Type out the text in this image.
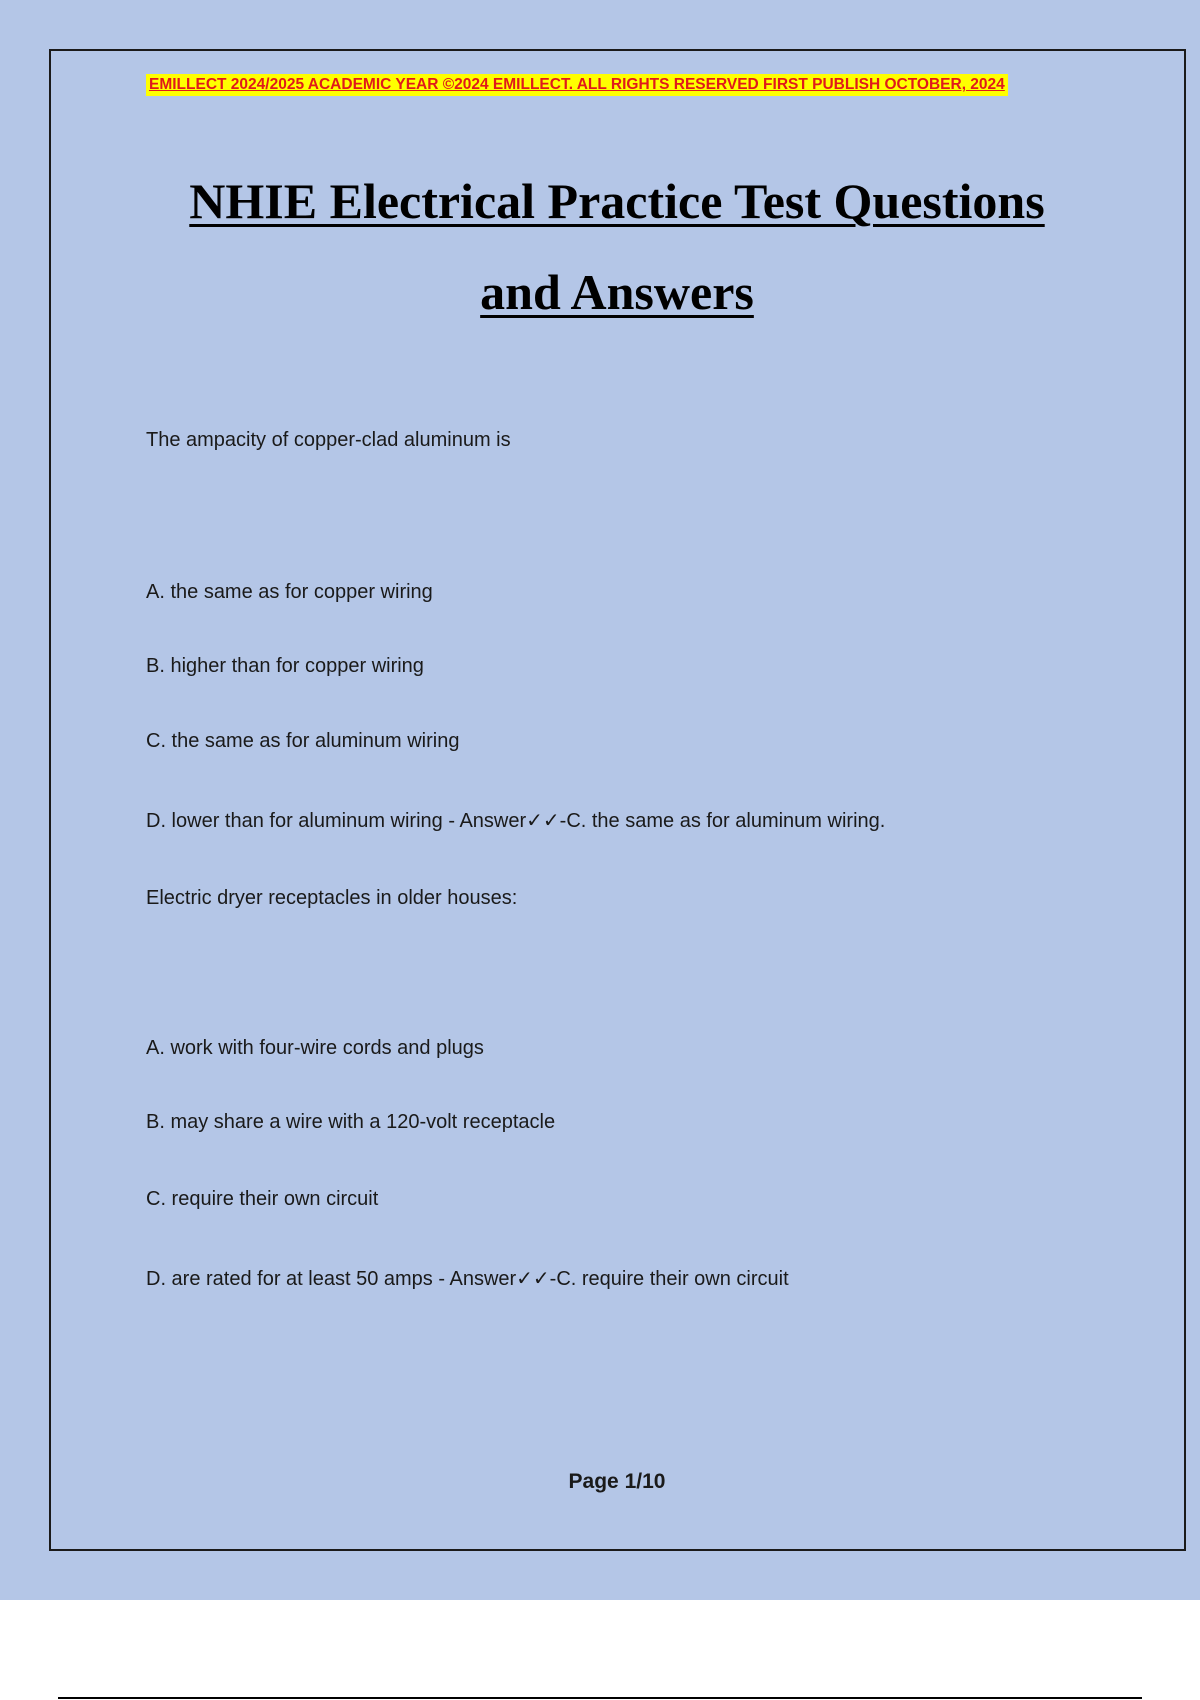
EMILLECT 2024/2025 ACADEMIC YEAR ©2024 EMILLECT. ALL RIGHTS RESERVED FIRST PUBLISH OCTOBER, 2024
NHIE Electrical Practice Test Questions
and Answers
The ampacity of copper-clad aluminum is
A. the same as for copper wiring
B. higher than for copper wiring
C. the same as for aluminum wiring
D. lower than for aluminum wiring - Answer✓✓-C. the same as for aluminum wiring.
Electric dryer receptacles in older houses:
A. work with four-wire cords and plugs
B. may share a wire with a 120-volt receptacle
C. require their own circuit
D. are rated for at least 50 amps - Answer✓✓-C. require their own circuit
Page 1/10
